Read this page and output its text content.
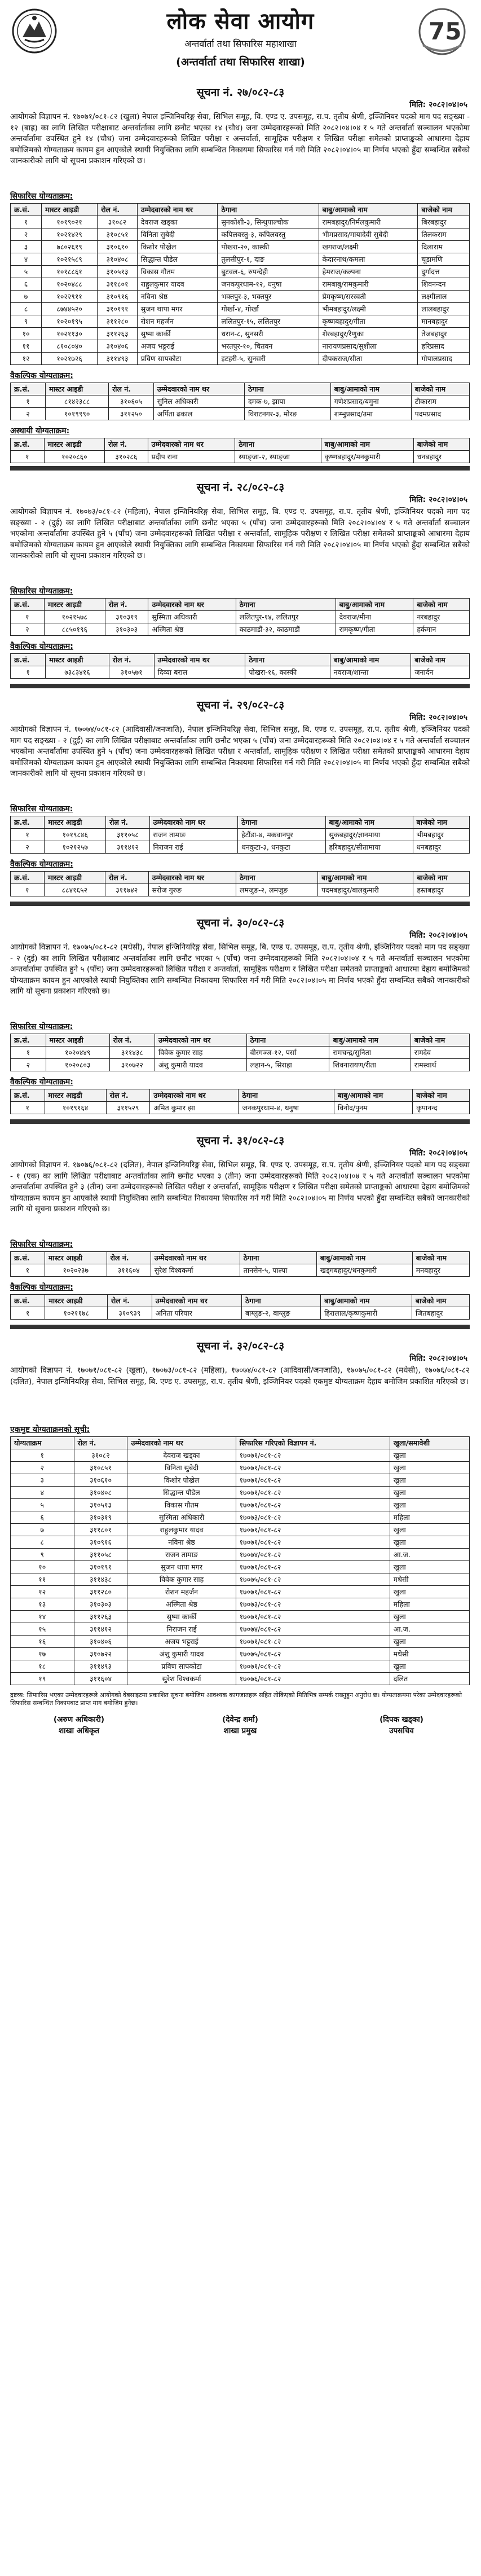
लोक सेवा आयोग
अन्तर्वार्ता तथा सिफारिस महाशाखा
(अन्तर्वार्ता तथा सिफारिस शाखा)
75
सूचना नं. २७/०८२-८३
मिति: २०८२।०४।०५
आयोगको विज्ञापन नं. १७०७१/०८१-८२ (खुला) नेपाल इन्जिनियरिङ्ग सेवा, सिभिल समूह, वि. एण्ड ए. उपसमूह, रा.प. तृतीय श्रेणी, इञ्जिनियर पदको माग पद सङ्ख्या - १२ (बाह्र) का लागि लिखित परीक्षाबाट अन्तर्वार्ताका लागि छनौट भएका १४ (चौध) जना उम्मेदवारहरूको मिति २०८२।०४।०४ र ५ गते अन्तर्वार्ता सञ्चालन भएकोमा अन्तर्वार्तामा उपस्थित हुने १४ (चौध) जना उम्मेदवारहरूको लिखित परीक्षा र अन्तर्वार्ता, सामूहिक परीक्षण र लिखित परीक्षा समेतको प्राप्ताङ्कको आधारमा देहाय बमोजिमको योग्यताक्रम कायम हुन आएकोले स्थायी नियुक्तिका लागि सम्बन्धित निकायमा सिफारिस गर्न गरी मिति २०८२।०४।०५ मा निर्णय भएको हुँदा सम्बन्धित सबैको जानकारीको लागि यो सूचना प्रकाशन गरिएको छ।
सिफारिस योग्यताक्रम:
क्र.सं.	मास्टर आइडी	रोल नं.	उम्मेदवारको नाम थर	ठेगाना	बाबु/आमाको नाम	बाजेको नाम
१	१०१९०२१	३१०८२	देवराज खड्का	सुनकोशी-३, सिन्धुपाल्चोक	रामबहादुर/निर्मलकुमारी	बिरबहादुर
२	१०२१४२९	३१०८५१	विनिता सुबेदी	कपिलवस्तु-३, कपिलवस्तु	भीमप्रसाद/मायादेवी सुबेदी	तिलकराम
३	७८०२६१९	३१०६१०	किशोर पोख्रेल	पोखरा-२०, कास्की	खगराज/लक्ष्मी	दिलाराम
४	१०२१५८९	३१०४०८	सिद्धान्त पौडेल	तुलसीपुर-१, दाङ	केदारनाथ/कमला	चूडामणि
५	१०१८८६१	३१०५१३	विकास गौतम	बुटवल-६, रुपन्देही	हेमराज/कल्पना	दुर्गादत्त
६	१०२०४८८	३११८०१	राहुलकुमार यादव	जनकपुरधाम-१२, धनुषा	रामबाबु/रामकुमारी	शिवनन्दन
७	१०२२९११	३१०९१६	नविना श्रेष्ठ	भक्तपुर-३, भक्तपुर	प्रेमकृष्ण/सरस्वती	लक्ष्मीलाल
८	८७४४५२०	३१०१९१	सुजन थापा मगर	गोर्खा-४, गोर्खा	भीमबहादुर/लक्ष्मी	लालबहादुर
९	१०२०१९५	३११२८०	रोशन महर्जन	ललितपुर-१५, ललितपुर	कृष्णबहादुर/गीता	मानबहादुर
१०	१०२११३०	३११२६३	सुष्मा कार्की	धरान-८, सुनसरी	शेरबहादुर/रेणुका	तेजबहादुर
११	८१०८०४०	३१०४०६	अजय भट्टराई	भरतपुर-१०, चितवन	नारायणप्रसाद/सुशीला	हरिप्रसाद
१२	१०२१७२६	३११४९३	प्रविण सापकोटा	इटहरी-५, सुनसरी	दीपकराज/सीता	गोपालप्रसाद
वैकल्पिक योग्यताक्रम:
क्र.सं.	मास्टर आइडी	रोल नं.	उम्मेदवारको नाम थर	ठेगाना	बाबु/आमाको नाम	बाजेको नाम
१	८१४२३८८	३१०६०५	सुनिल अधिकारी	दमक-७, झापा	गणेशप्रसाद/यमुना	टीकाराम
२	१०१९९९०	३११२५०	अर्पिता ढकाल	विराटनगर-३, मोरङ	शम्भुप्रसाद/उमा	पदमप्रसाद
अस्थायी योग्यताक्रम:
क्र.सं.	मास्टर आइडी	रोल नं.	उम्मेदवारको नाम थर	ठेगाना	बाबु/आमाको नाम	बाजेको नाम
१	१०२०८६०	३१०२८६	प्रदीप राना	स्याङ्जा-२, स्याङ्जा	कृष्णबहादुर/मनकुमारी	धनबहादुर
सूचना नं. २८/०८२-८३
मिति: २०८२।०४।०५
आयोगको विज्ञापन नं. १७०७३/०८१-८२ (महिला), नेपाल इन्जिनियरिङ्ग सेवा, सिभिल समूह, बि. एण्ड ए. उपसमूह, रा.प. तृतीय श्रेणी, इञ्जिनियर पदको माग पद सङ्ख्या - २ (दुई) का लागि लिखित परीक्षाबाट अन्तर्वार्ताका लागि छनौट भएका ५ (पाँच) जना उम्मेदवारहरूको मिति २०८२।०४।०४ र ५ गते अन्तर्वार्ता सञ्चालन भएकोमा अन्तर्वार्तामा उपस्थित हुने ५ (पाँच) जना उम्मेदवारहरूको लिखित परीक्षा र अन्तर्वार्ता, सामूहिक परीक्षण र लिखित परीक्षा समेतको प्राप्ताङ्कको आधारमा देहाय बमोजिमको योग्यताक्रम कायम हुन आएकोले स्थायी नियुक्तिका लागि सम्बन्धित निकायमा सिफारिस गर्न गरी मिति २०८२।०४।०५ मा निर्णय भएको हुँदा सम्बन्धित सबैको जानकारीको लागि यो सूचना प्रकाशन गरिएको छ।
सिफारिस योग्यताक्रम:
क्र.सं.	मास्टर आइडी	रोल नं.	उम्मेदवारको नाम थर	ठेगाना	बाबु/आमाको नाम	बाजेको नाम
१	१०२१५७८	३१०३१९	सुस्मिता अधिकारी	ललितपुर-१४, ललितपुर	देवराज/मीना	नरबहादुर
२	८८५०१९६	३१०३०३	अस्मिता श्रेष्ठ	काठमाडौं-३२, काठमाडौं	रामकृष्ण/गीता	हर्कमान
वैकल्पिक योग्यताक्रम:
क्र.सं.	मास्टर आइडी	रोल नं.	उम्मेदवारको नाम थर	ठेगाना	बाबु/आमाको नाम	बाजेको नाम
१	७३८३४१६	३१०५७१	दिव्या बराल	पोखरा-१६, कास्की	नवराज/शान्ता	जनार्दन
सूचना नं. २९/०८२-८३
मिति: २०८२।०४।०५
आयोगको विज्ञापन नं. १७०७४/०८१-८२ (आदिवासी/जनजाति), नेपाल इन्जिनियरिङ्ग सेवा, सिभिल समूह, बि. एण्ड ए. उपसमूह, रा.प. तृतीय श्रेणी, इञ्जिनियर पदको माग पद सङ्ख्या - २ (दुई) का लागि लिखित परीक्षाबाट अन्तर्वार्ताका लागि छनौट भएका ५ (पाँच) जना उम्मेदवारहरूको मिति २०८२।०४।०४ र ५ गते अन्तर्वार्ता सञ्चालन भएकोमा अन्तर्वार्तामा उपस्थित हुने ५ (पाँच) जना उम्मेदवारहरूको लिखित परीक्षा र अन्तर्वार्ता, सामूहिक परीक्षण र लिखित परीक्षा समेतको प्राप्ताङ्कको आधारमा देहाय बमोजिमको योग्यताक्रम कायम हुन आएकोले स्थायी नियुक्तिका लागि सम्बन्धित निकायमा सिफारिस गर्न गरी मिति २०८२।०४।०५ मा निर्णय भएको हुँदा सम्बन्धित सबैको जानकारीको लागि यो सूचना प्रकाशन गरिएको छ।
सिफारिस योग्यताक्रम:
क्र.सं.	मास्टर आइडी	रोल नं.	उम्मेदवारको नाम थर	ठेगाना	बाबु/आमाको नाम	बाजेको नाम
१	१०१९८४६	३११०५८	राजन तामाङ	हेटौंडा-४, मकवानपुर	सुकबहादुर/ज्ञानमाया	भीमबहादुर
२	१०२१२५७	३११४१२	निराजन राई	धनकुटा-३, धनकुटा	हरिबहादुर/सीतामाया	धनबहादुर
वैकल्पिक योग्यताक्रम:
क्र.सं.	मास्टर आइडी	रोल नं.	उम्मेदवारको नाम थर	ठेगाना	बाबु/आमाको नाम	बाजेको नाम
१	८८४१६५२	३११७४२	सरोज गुरुङ	लमजुङ-२, लमजुङ	पदमबहादुर/बालकुमारी	हस्तबहादुर
सूचना नं. ३०/०८२-८३
मिति: २०८२।०४।०५
आयोगको विज्ञापन नं. १७०७५/०८१-८२ (मधेसी), नेपाल इन्जिनियरिङ्ग सेवा, सिभिल समूह, बि. एण्ड ए. उपसमूह, रा.प. तृतीय श्रेणी, इञ्जिनियर पदको माग पद सङ्ख्या - २ (दुई) का लागि लिखित परीक्षाबाट अन्तर्वार्ताका लागि छनौट भएका ५ (पाँच) जना उम्मेदवारहरूको मिति २०८२।०४।०४ र ५ गते अन्तर्वार्ता सञ्चालन भएकोमा अन्तर्वार्तामा उपस्थित हुने ५ (पाँच) जना उम्मेदवारहरूको लिखित परीक्षा र अन्तर्वार्ता, सामूहिक परीक्षण र लिखित परीक्षा समेतको प्राप्ताङ्कको आधारमा देहाय बमोजिमको योग्यताक्रम कायम हुन आएकोले स्थायी नियुक्तिका लागि सम्बन्धित निकायमा सिफारिस गर्न गरी मिति २०८२।०४।०५ मा निर्णय भएको हुँदा सम्बन्धित सबैको जानकारीको लागि यो सूचना प्रकाशन गरिएको छ।
सिफारिस योग्यताक्रम:
क्र.सं.	मास्टर आइडी	रोल नं.	उम्मेदवारको नाम थर	ठेगाना	बाबु/आमाको नाम	बाजेको नाम
१	१०२०४४९	३११४३८	विवेक कुमार साह	वीरगञ्ज-१२, पर्सा	रामचन्द्र/सुनिता	रामदेव
२	१०२०८०३	३१०७२२	अंशु कुमारी यादव	लहान-५, सिराहा	शिवनारायण/रीता	रामस्वार्थ
वैकल्पिक योग्यताक्रम:
क्र.सं.	मास्टर आइडी	रोल नं.	उम्मेदवारको नाम थर	ठेगाना	बाबु/आमाको नाम	बाजेको नाम
१	१०१९१६४	३११५२९	अमित कुमार झा	जनकपुरधाम-४, धनुषा	विनोद/पुनम	कृपानन्द
सूचना नं. ३१/०८२-८३
मिति: २०८२।०४।०५
आयोगको विज्ञापन नं. १७०७६/०८१-८२ (दलित), नेपाल इन्जिनियरिङ्ग सेवा, सिभिल समूह, बि. एण्ड ए. उपसमूह, रा.प. तृतीय श्रेणी, इञ्जिनियर पदको माग पद सङ्ख्या - १ (एक) का लागि लिखित परीक्षाबाट अन्तर्वार्ताका लागि छनौट भएका ३ (तीन) जना उम्मेदवारहरूको मिति २०८२।०४।०४ र ५ गते अन्तर्वार्ता सञ्चालन भएकोमा अन्तर्वार्तामा उपस्थित हुने ३ (तीन) जना उम्मेदवारहरूको लिखित परीक्षा र अन्तर्वार्ता, सामूहिक परीक्षण र लिखित परीक्षा समेतको प्राप्ताङ्कको आधारमा देहाय बमोजिमको योग्यताक्रम कायम हुन आएकोले स्थायी नियुक्तिका लागि सम्बन्धित निकायमा सिफारिस गर्न गरी मिति २०८२।०४।०५ मा निर्णय भएको हुँदा सम्बन्धित सबैको जानकारीको लागि यो सूचना प्रकाशन गरिएको छ।
सिफारिस योग्यताक्रम:
क्र.सं.	मास्टर आइडी	रोल नं.	उम्मेदवारको नाम थर	ठेगाना	बाबु/आमाको नाम	बाजेको नाम
१	१०२०२३७	३११६०४	सुरेश विश्वकर्मा	तानसेन-५, पाल्पा	खड्गबहादुर/धनकुमारी	मनबहादुर
वैकल्पिक योग्यताक्रम:
क्र.सं.	मास्टर आइडी	रोल नं.	उम्मेदवारको नाम थर	ठेगाना	बाबु/आमाको नाम	बाजेको नाम
१	१०२११७८	३१०९३९	अनिता परियार	बाग्लुङ-२, बाग्लुङ	हिरालाल/कृष्णकुमारी	जितबहादुर
सूचना नं. ३२/०८२-८३
मिति: २०८२।०४।०५
आयोगको विज्ञापन नं. १७०७१/०८१-८२ (खुला), १७०७३/०८१-८२ (महिला), १७०७४/०८१-८२ (आदिवासी/जनजाति), १७०७५/०८१-८२ (मधेसी), १७०७६/०८१-८२ (दलित), नेपाल इन्जिनियरिङ्ग सेवा, सिभिल समूह, बि. एण्ड ए. उपसमूह, रा.प. तृतीय श्रेणी, इञ्जिनियर पदको एकमुष्ट योग्यताक्रम देहाय बमोजिम प्रकाशित गरिएको छ।
एकमुष्ट योग्यताक्रमको सूची:
योग्यताक्रम	रोल नं.	उम्मेदवारको नाम थर	सिफारिस गरिएको विज्ञापन नं.	खुला/समावेशी
१	३१०८२	देवराज खड्का	१७०७१/०८१-८२	खुला
२	३१०८५१	विनिता सुबेदी	१७०७१/०८१-८२	खुला
३	३१०६१०	किशोर पोख्रेल	१७०७१/०८१-८२	खुला
४	३१०४०८	सिद्धान्त पौडेल	१७०७१/०८१-८२	खुला
५	३१०५१३	विकास गौतम	१७०७१/०८१-८२	खुला
६	३१०३१९	सुस्मिता अधिकारी	१७०७३/०८१-८२	महिला
७	३११८०१	राहुलकुमार यादव	१७०७१/०८१-८२	खुला
८	३१०९१६	नविना श्रेष्ठ	१७०७१/०८१-८२	खुला
९	३११०५८	राजन तामाङ	१७०७४/०८१-८२	आ.ज.
१०	३१०१९१	सुजन थापा मगर	१७०७१/०८१-८२	खुला
११	३११४३८	विवेक कुमार साह	१७०७५/०८१-८२	मधेसी
१२	३११२८०	रोशन महर्जन	१७०७१/०८१-८२	खुला
१३	३१०३०३	अस्मिता श्रेष्ठ	१७०७३/०८१-८२	महिला
१४	३११२६३	सुष्मा कार्की	१७०७१/०८१-८२	खुला
१५	३११४१२	निराजन राई	१७०७४/०८१-८२	आ.ज.
१६	३१०४०६	अजय भट्टराई	१७०७१/०८१-८२	खुला
१७	३१०७२२	अंशु कुमारी यादव	१७०७५/०८१-८२	मधेसी
१८	३११४९३	प्रविण सापकोटा	१७०७१/०८१-८२	खुला
१९	३११६०४	सुरेश विश्वकर्मा	१७०७६/०८१-८२	दलित
द्रष्टव्य: सिफारिस भएका उम्मेदवारहरूले आयोगको वेबसाइटमा प्रकाशित सूचना बमोजिम आवश्यक कागजातहरू सहित तोकिएको मितिभित्र सम्पर्क राख्नुहुन अनुरोध छ। योग्यताक्रममा परेका उम्मेदवारहरूको सिफारिस सम्बन्धित निकायबाट प्राप्त माग बमोजिम हुनेछ।
(अरुण अधिकारी)
शाखा अधिकृत
(देवेन्द्र शर्मा)
शाखा प्रमुख
(दिपक खड्का)
उपसचिव
